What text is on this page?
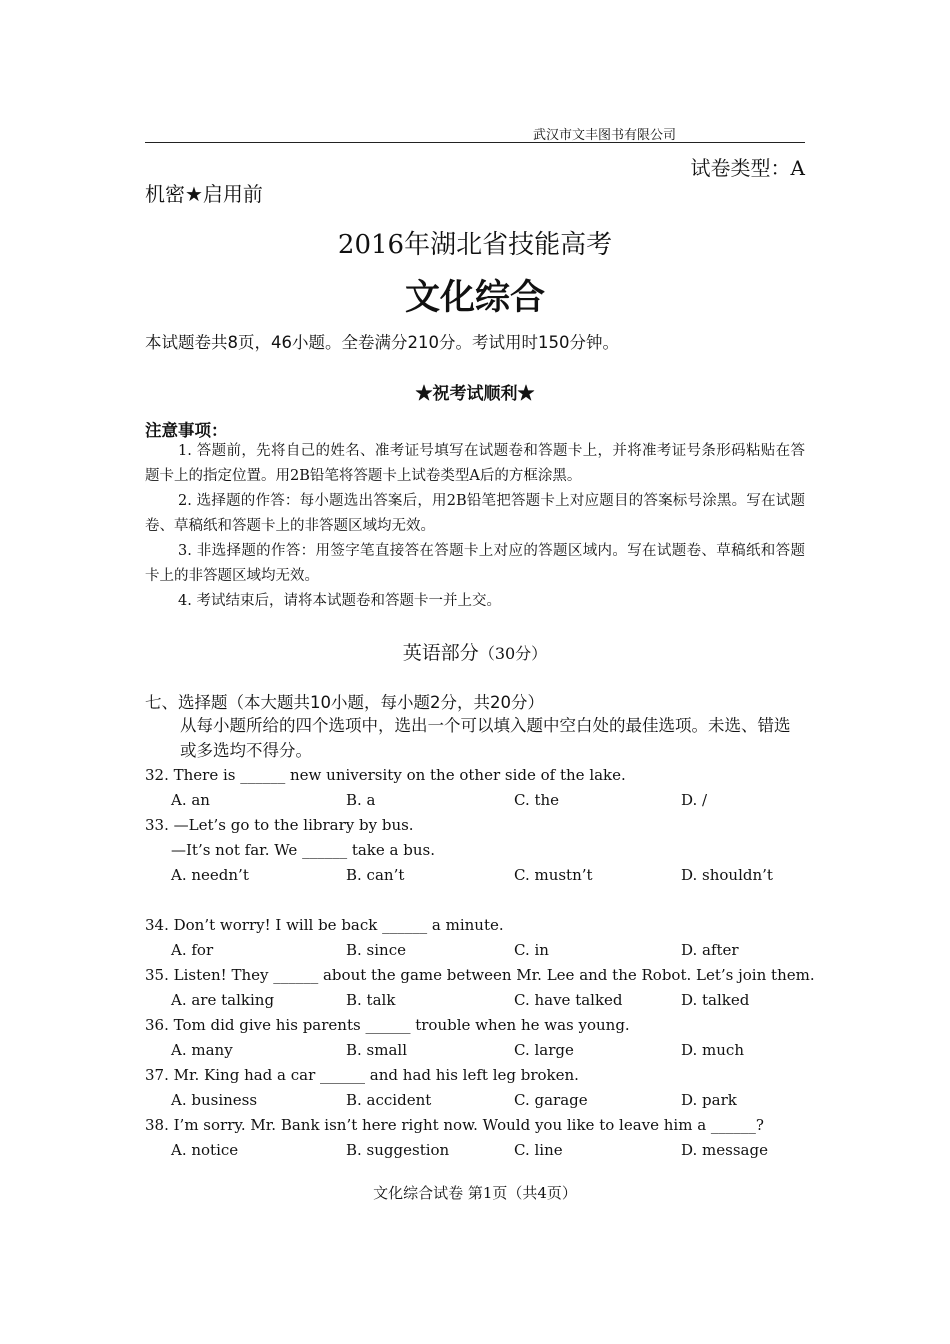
武汉市文丰图书有限公司
试卷类型：A
机密★启用前
2016年湖北省技能高考
文化综合
本试题卷共8页，46小题。全卷满分210分。考试用时150分钟。
★祝考试顺利★
注意事项：
1. 答题前，先将自己的姓名、准考证号填写在试题卷和答题卡上，并将准考证号条形码粘贴在答题卡上的指定位置。用2B铅笔将答题卡上试卷类型A后的方框涂黑。
2. 选择题的作答：每小题选出答案后，用2B铅笔把答题卡上对应题目的答案标号涂黑。写在试题卷、草稿纸和答题卡上的非答题区域均无效。
3. 非选择题的作答：用签字笔直接答在答题卡上对应的答题区域内。写在试题卷、草稿纸和答题卡上的非答题区域均无效。
4. 考试结束后，请将本试题卷和答题卡一并上交。
英语部分（30分）
七、选择题（本大题共10小题，每小题2分，共20分）
从每小题所给的四个选项中，选出一个可以填入题中空白处的最佳选项。未选、错选或多选均不得分。
32. There is ______ new university on the other side of the lake.
A. an	B. a	C. the	D. /
33. —Let’s go to the library by bus.
—It’s not far. We ______ take a bus.
A. needn’t	B. can’t	C. mustn’t	D. shouldn’t
34. Don’t worry! I will be back ______ a minute.
A. for	B. since	C. in	D. after
35. Listen! They ______ about the game between Mr. Lee and the Robot. Let’s join them.
A. are talking	B. talk	C. have talked	D. talked
36. Tom did give his parents ______ trouble when he was young.
A. many	B. small	C. large	D. much
37. Mr. King had a car ______ and had his left leg broken.
A. business	B. accident	C. garage	D. park
38. I’m sorry. Mr. Bank isn’t here right now. Would you like to leave him a ______?
A. notice	B. suggestion	C. line	D. message
文化综合试卷 第1页（共4页）
